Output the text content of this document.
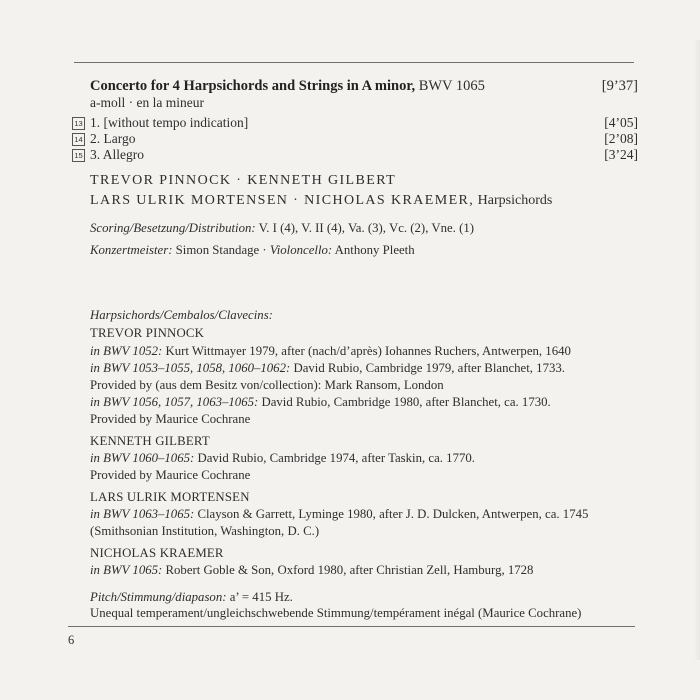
Concerto for 4 Harpsichords and Strings in A minor, BWV 1065	[9’37]
a-moll · en la mineur
13 1. [without tempo indication]	[4’05]
14 2. Largo	[2’08]
15 3. Allegro	[3’24]
TREVOR PINNOCK · KENNETH GILBERT
LARS ULRIK MORTENSEN · NICHOLAS KRAEMER, Harpsichords
Scoring/Besetzung/Distribution: V. I (4), V. II (4), Va. (3), Vc. (2), Vne. (1)
Konzertmeister: Simon Standage · Violoncello: Anthony Pleeth
Harpsichords/Cembalos/Clavecins:
TREVOR PINNOCK
in BWV 1052: Kurt Wittmayer 1979, after (nach/d’après) Iohannes Ruchers, Antwerpen, 1640
in BWV 1053–1055, 1058, 1060–1062: David Rubio, Cambridge 1979, after Blanchet, 1733.
Provided by (aus dem Besitz von/collection): Mark Ransom, London
in BWV 1056, 1057, 1063–1065: David Rubio, Cambridge 1980, after Blanchet, ca. 1730.
Provided by Maurice Cochrane
KENNETH GILBERT
in BWV 1060–1065: David Rubio, Cambridge 1974, after Taskin, ca. 1770.
Provided by Maurice Cochrane
LARS ULRIK MORTENSEN
in BWV 1063–1065: Clayson & Garrett, Lyminge 1980, after J. D. Dulcken, Antwerpen, ca. 1745
(Smithsonian Institution, Washington, D. C.)
NICHOLAS KRAEMER
in BWV 1065: Robert Goble & Son, Oxford 1980, after Christian Zell, Hamburg, 1728
Pitch/Stimmung/diapason: a’ = 415 Hz.
Unequal temperament/ungleichschwebende Stimmung/tempérament inégal (Maurice Cochrane)
6
